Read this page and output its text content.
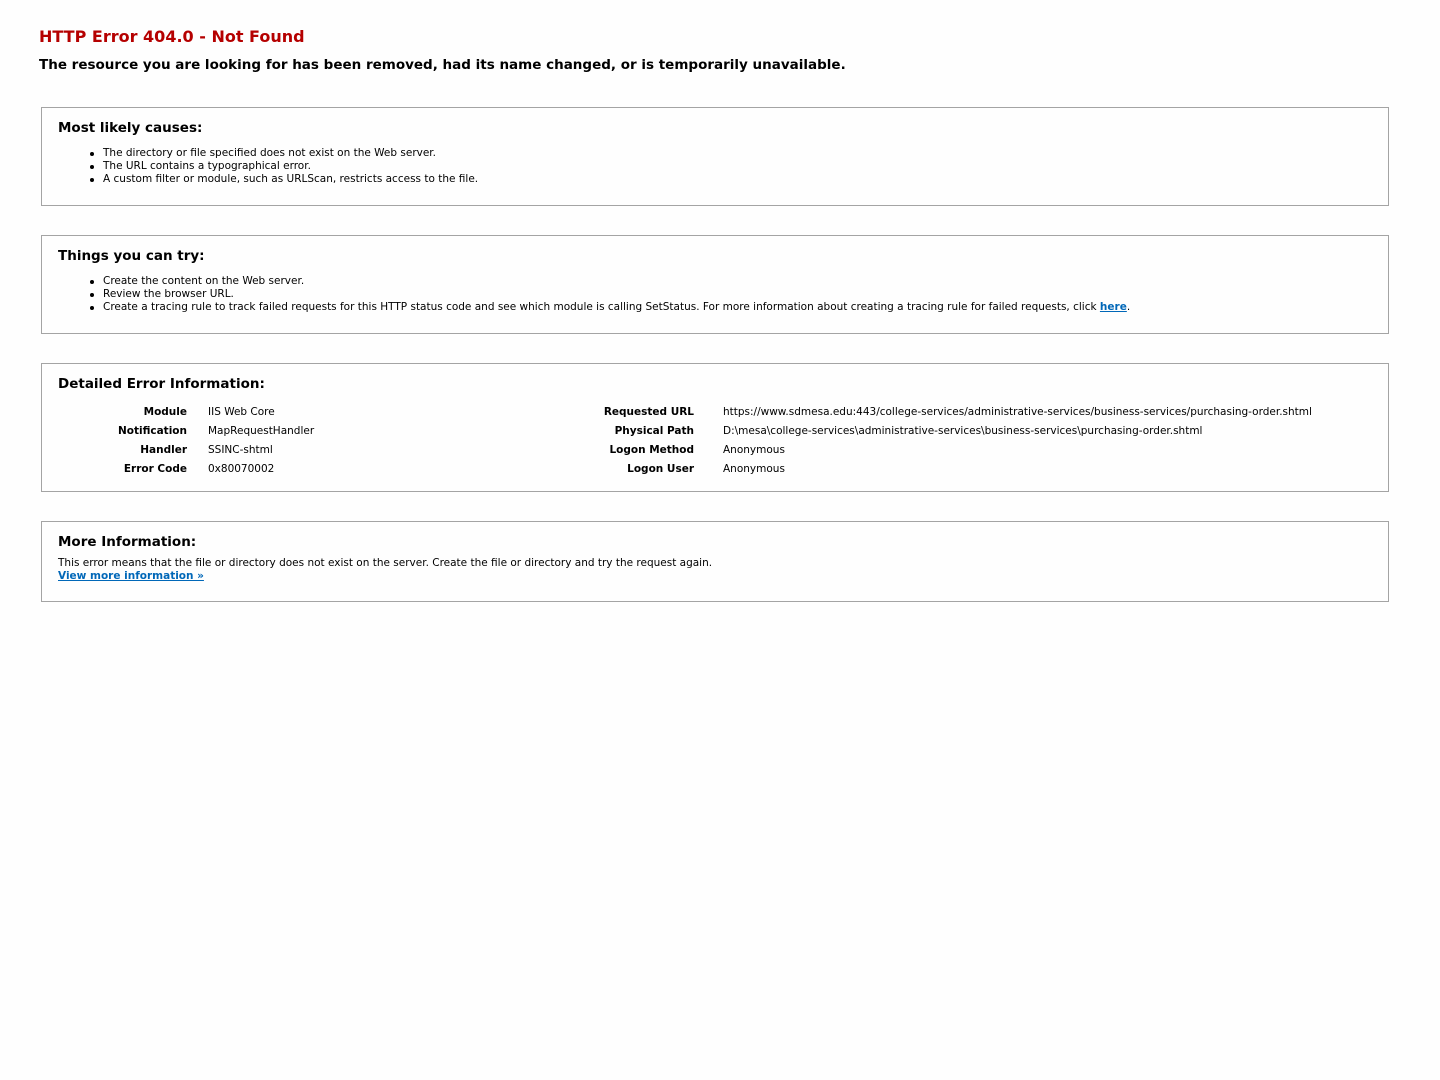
HTTP Error 404.0 - Not Found
The resource you are looking for has been removed, had its name changed, or is temporarily unavailable.
Most likely causes:
The directory or file specified does not exist on the Web server.
The URL contains a typographical error.
A custom filter or module, such as URLScan, restricts access to the file.
Things you can try:
Create the content on the Web server.
Review the browser URL.
Create a tracing rule to track failed requests for this HTTP status code and see which module is calling SetStatus. For more information about creating a tracing rule for failed requests, click here.
Detailed Error Information:
Module IIS Web Core	Requested URL	https://www.sdmesa.edu:443/college-services/administrative-services/business-services/purchasing-order.shtml
Notification MapRequestHandler	Physical Path	D:\mesa\college-services\administrative-services\business-services\purchasing-order.shtml
Handler SSINC-shtml	Logon Method	Anonymous
Error Code 0x80070002	Logon User	Anonymous
More Information:
This error means that the file or directory does not exist on the server. Create the file or directory and try the request again.
View more information »
